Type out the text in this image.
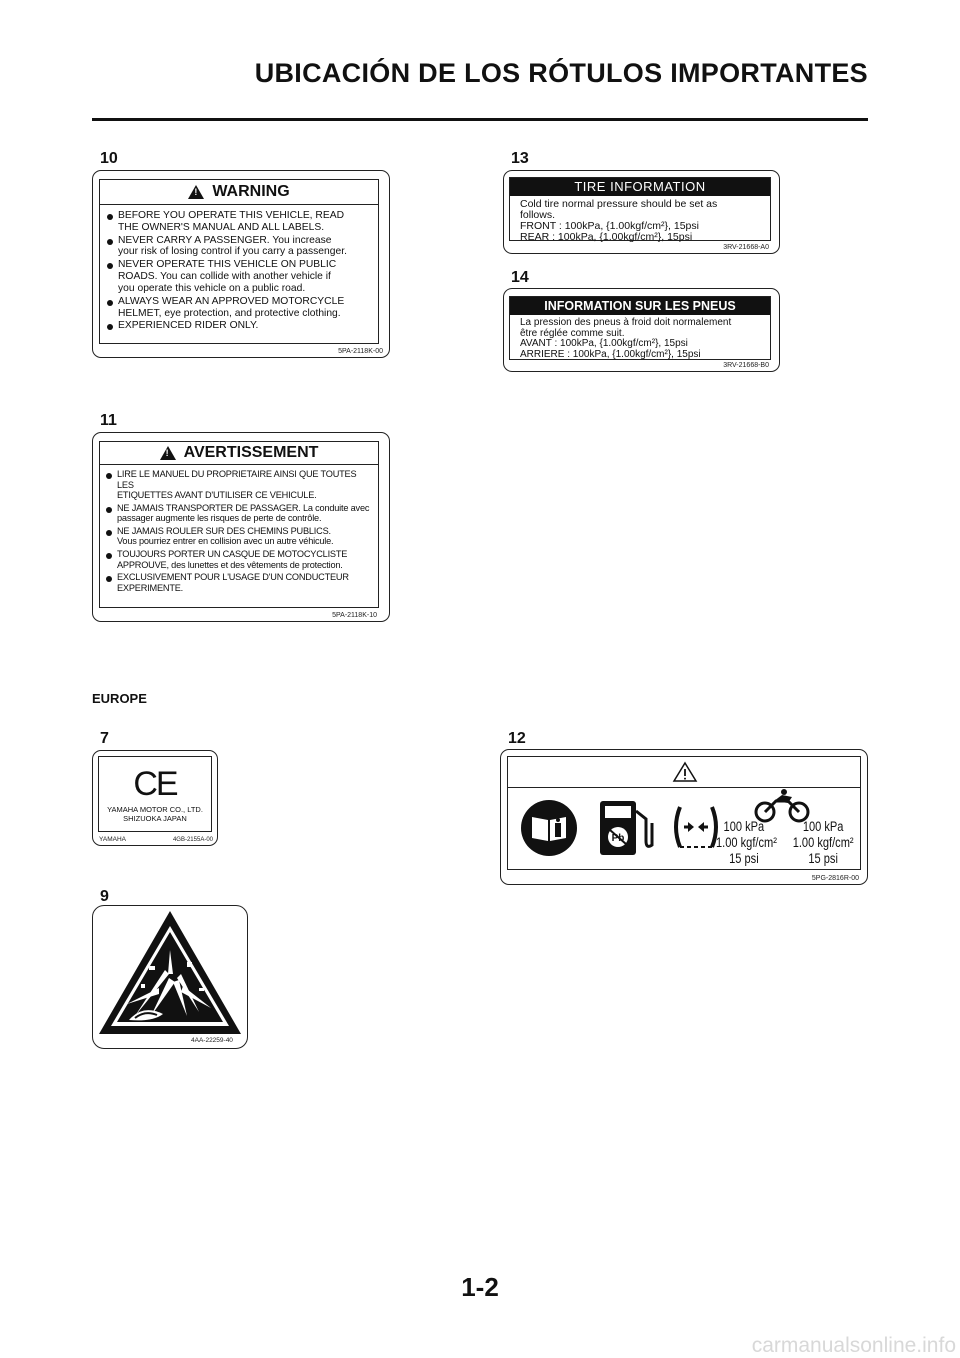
UBICACIÓN DE LOS RÓTULOS IMPORTANTES
10
!
WARNING
BEFORE YOU OPERATE THIS VEHICLE, READ
THE OWNER'S MANUAL AND ALL LABELS.
NEVER CARRY A PASSENGER. You increase
your risk of losing control if you carry a passenger.
NEVER OPERATE THIS VEHICLE ON PUBLIC
ROADS. You can collide with another vehicle if
you operate this vehicle on a public road.
ALWAYS WEAR AN APPROVED MOTORCYCLE
HELMET, eye protection, and protective clothing.
EXPERIENCED RIDER ONLY.
5PA-2118K-00
11
!
AVERTISSEMENT
LIRE LE MANUEL DU PROPRIETAIRE AINSI QUE TOUTES LES
ETIQUETTES AVANT D'UTILISER CE VEHICULE.
NE JAMAIS TRANSPORTER DE PASSAGER. La conduite avec
passager augmente les risques de perte de contrôle.
NE JAMAIS ROULER SUR DES CHEMINS PUBLICS.
Vous pourriez entrer en collision avec un autre véhicule.
TOUJOURS PORTER UN CASQUE DE MOTOCYCLISTE
APPROUVE, des lunettes et des vêtements de protection.
EXCLUSIVEMENT POUR L'USAGE D'UN CONDUCTEUR
EXPERIMENTE.
5PA-2118K-10
13
TIRE INFORMATION
Cold tire normal pressure should be set as
follows.
FRONT : 100kPa, {1.00kgf/cm²}, 15psi
REAR : 100kPa, {1.00kgf/cm²}, 15psi
3RV-21668-A0
14
INFORMATION SUR LES PNEUS
La pression des pneus à froid doit normalement
être réglée comme suit.
AVANT : 100kPa, {1.00kgf/cm²}, 15psi
ARRIERE : 100kPa, {1.00kgf/cm²}, 15psi
3RV-21668-B0
EUROPE
7
CE
YAMAHA MOTOR CO., LTD.
SHIZUOKA JAPAN
YAMAHA	4GB-2155A-00
12
Pb
100 kPa
1.00 kgf/cm²
15 psi
100 kPa
1.00 kgf/cm²
15 psi
5PG-2816R-00
9
4AA-22259-40
1-2
carmanualsonline.info
